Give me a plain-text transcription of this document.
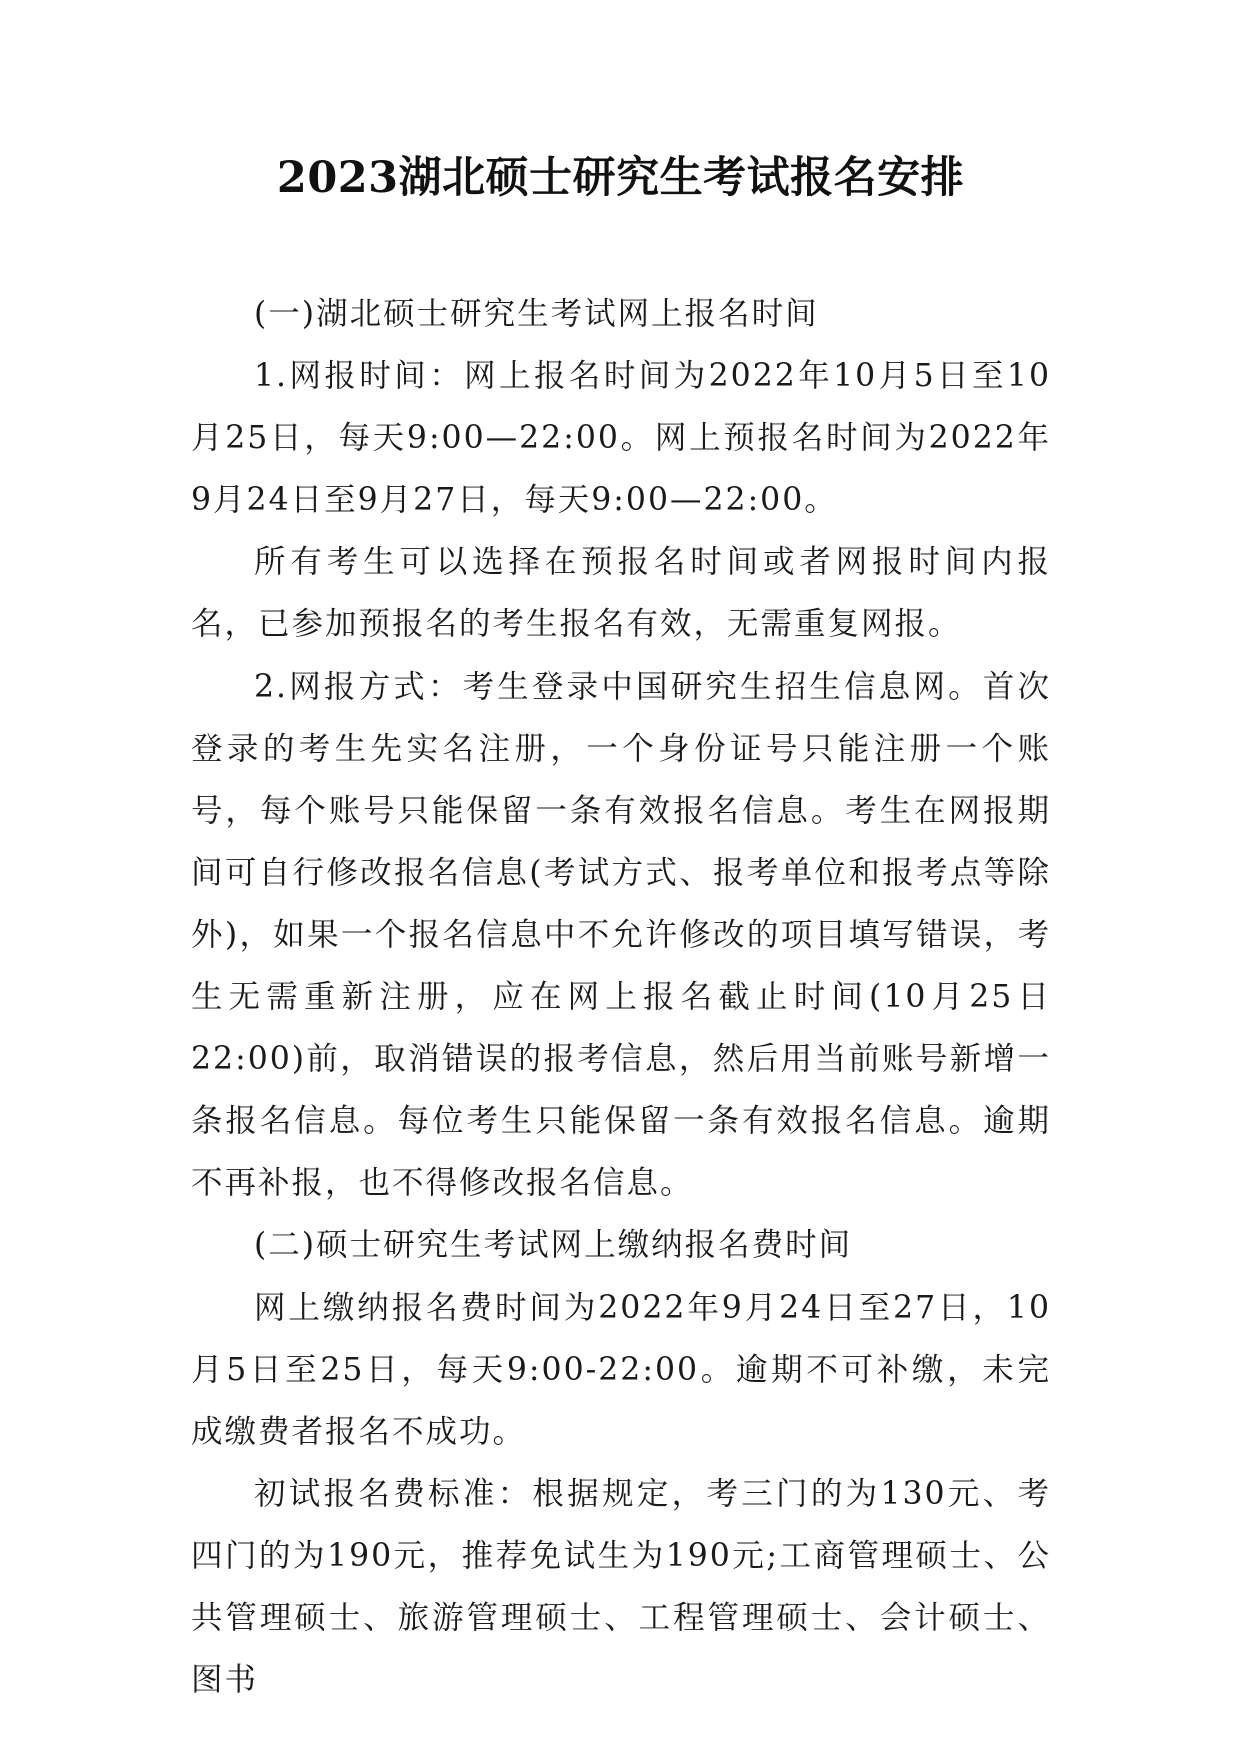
2023湖北硕士研究生考试报名安排

(一)湖北硕士研究生考试网上报名时间

1.网报时间：网上报名时间为2022年10月5日至10月25日，每天9:00—22:00。网上预报名时间为2022年9月24日至9月27日，每天9:00—22:00。

所有考生可以选择在预报名时间或者网报时间内报名，已参加预报名的考生报名有效，无需重复网报。

2.网报方式：考生登录中国研究生招生信息网。首次登录的考生先实名注册，一个身份证号只能注册一个账号，每个账号只能保留一条有效报名信息。考生在网报期间可自行修改报名信息(考试方式、报考单位和报考点等除外)，如果一个报名信息中不允许修改的项目填写错误，考生无需重新注册，应在网上报名截止时间(10月25日22:00)前，取消错误的报考信息，然后用当前账号新增一条报名信息。每位考生只能保留一条有效报名信息。逾期不再补报，也不得修改报名信息。

(二)硕士研究生考试网上缴纳报名费时间

网上缴纳报名费时间为2022年9月24日至27日，10月5日至25日，每天9:00-22:00。逾期不可补缴，未完成缴费者报名不成功。

初试报名费标准：根据规定，考三门的为130元、考四门的为190元，推荐免试生为190元;工商管理硕士、公共管理硕士、旅游管理硕士、工程管理硕士、会计硕士、图书
